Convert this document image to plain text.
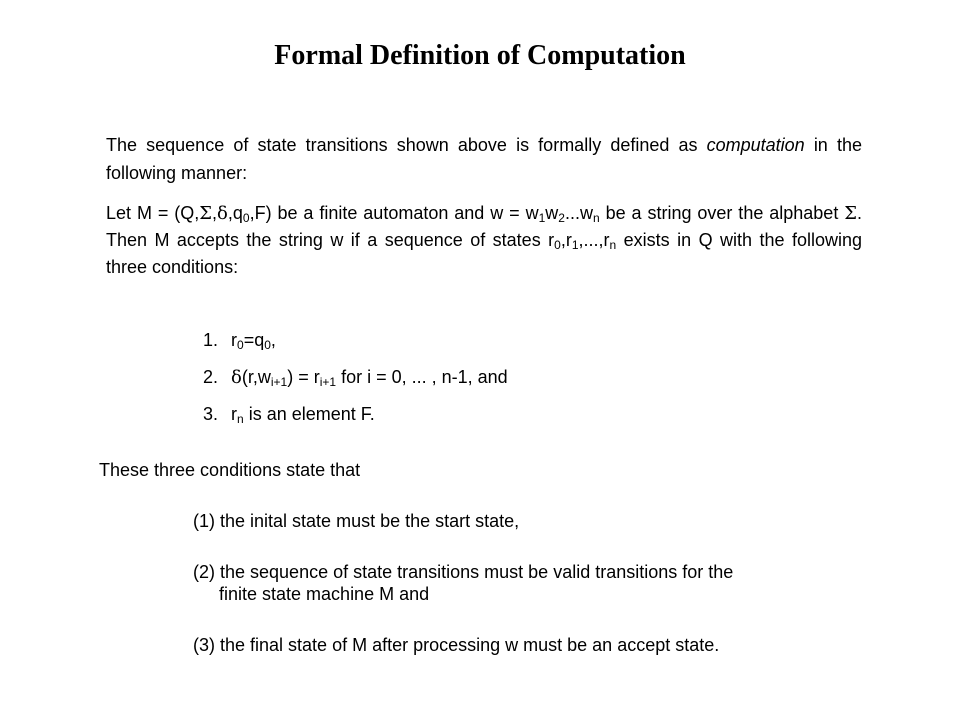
Formal Definition of Computation
The sequence of state transitions shown above is formally defined as computation in the following manner:
Let $M = (Q,\Sigma,\delta,q_0,F)$ be a finite automaton and $w = w_1w_2...w_n$ be a string over the alphabet Σ. Then M accepts the string w if a sequence of states $r_0,r_1,...,r_n$ exists in Q with the following three conditions:
1. $r_0=q_0$,
2. $\delta(r,w_{i+1}) = r_{i+1}$ for i = 0, ... , n-1, and
3. $r_n$ is an element F.
These three conditions state that
(1) the inital state must be the start state,
(2) the sequence of state transitions must be valid transitions for the
finite state machine M and
(3) the final state of M after processing w must be an accept state.
